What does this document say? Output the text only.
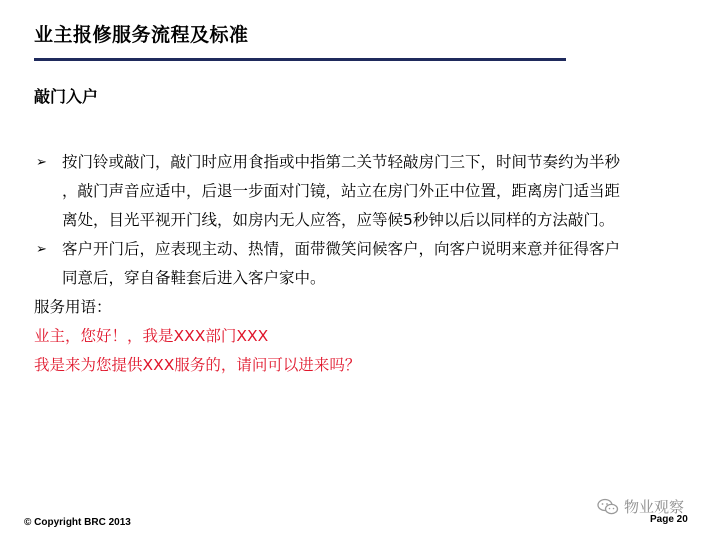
业主报修服务流程及标准
敲门入户
➢ 按门铃或敲门，敲门时应用食指或中指第二关节轻敲房门三下，时间节奏约为半秒
，敲门声音应适中，后退一步面对门镜，站立在房门外正中位置，距离房门适当距
离处，目光平视开门线，如房内无人应答，应等候5秒钟以后以同样的方法敲门。
➢ 客户开门后，应表现主动、热情，面带微笑问候客户，向客户说明来意并征得客户
同意后，穿自备鞋套后进入客户家中。
服务用语：
业主，您好！，我是XXX部门XXX
我是来为您提供XXX服务的，请问可以进来吗？
物业观察
© Copyright BRC 2013	Page 20
